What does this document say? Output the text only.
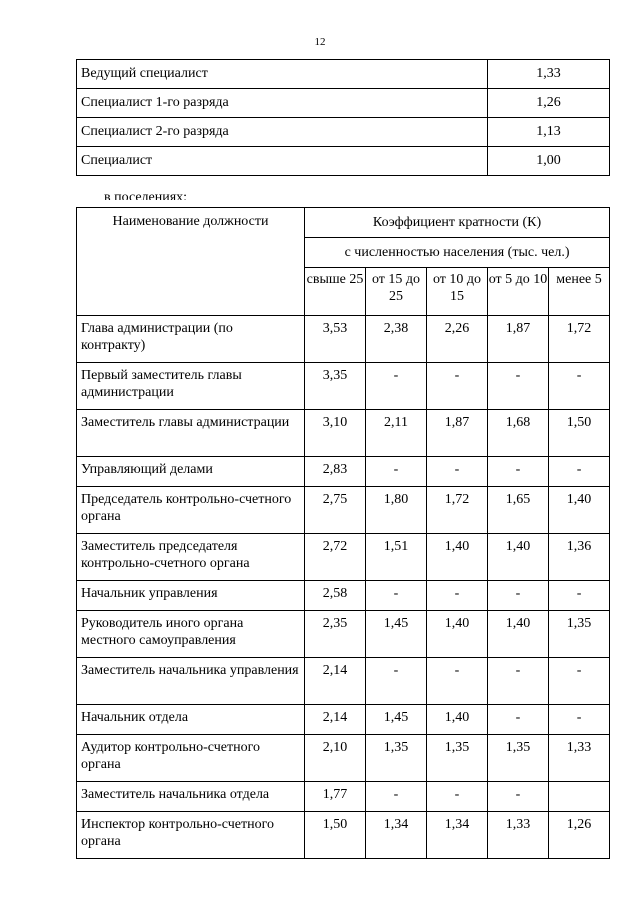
12
Ведущий специалист	1,33
Специалист 1-го разряда	1,26
Специалист 2-го разряда	1,13
Специалист	1,00
в поселениях:
Наименование должности	Коэффициент кратности (К)				
	с численностью населения (тыс. чел.)				
	свыше 25	от 15 до 25	от 10 до 15	от 5 до 10	менее 5
Глава администрации (по контракту)	3,53	2,38	2,26	1,87	1,72
Первый заместитель главы администрации	3,35	-	-	-	-
Заместитель главы администрации	3,10	2,11	1,87	1,68	1,50
Управляющий делами	2,83	-	-	-	-
Председатель контрольно-счетного органа	2,75	1,80	1,72	1,65	1,40
Заместитель председателя контрольно-счетного органа	2,72	1,51	1,40	1,40	1,36
Начальник управления	2,58	-	-	-	-
Руководитель иного органа местного самоуправления	2,35	1,45	1,40	1,40	1,35
Заместитель начальника управления	2,14	-	-	-	-
Начальник отдела	2,14	1,45	1,40	-	-
Аудитор контрольно-счетного органа	2,10	1,35	1,35	1,35	1,33
Заместитель начальника отдела	1,77	-	-	-	
Инспектор контрольно-счетного органа	1,50	1,34	1,34	1,33	1,26
